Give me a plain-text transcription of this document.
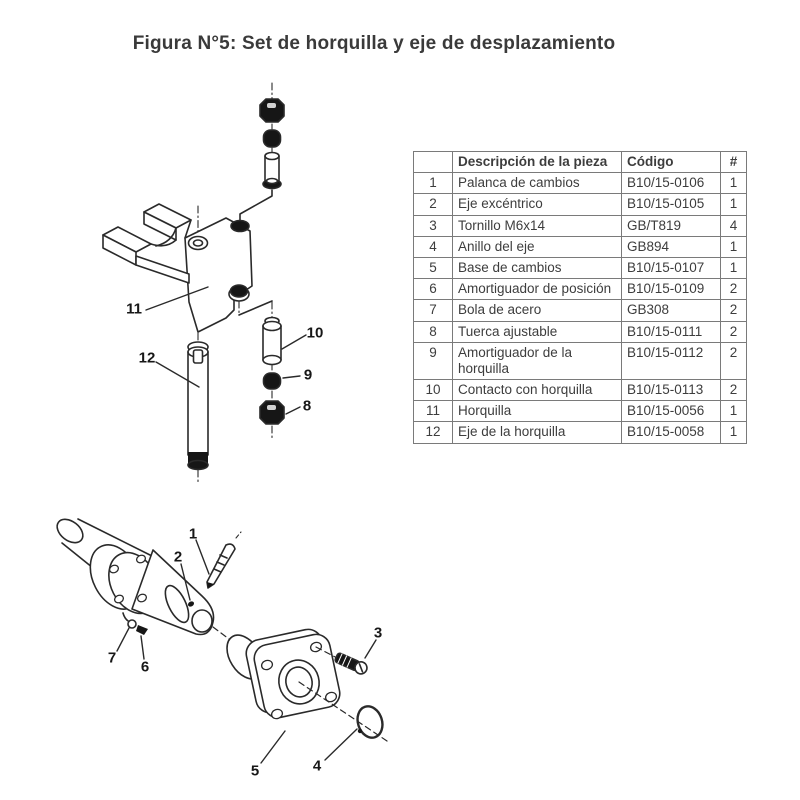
Figura N°5: Set de horquilla y eje de desplazamiento
11
12
10
9
8
	Descripción de la pieza	Código	#
1	Palanca de cambios	B10/15-0106	1
2	Eje excéntrico	B10/15-0105	1
3	Tornillo M6x14	GB/T819	4
4	Anillo del eje	GB894	1
5	Base de cambios	B10/15-0107	1
6	Amortiguador de posición	B10/15-0109	2
7	Bola de acero	GB308	2
8	Tuerca ajustable	B10/15-0111	2
9	Amortiguador de la horquilla	B10/15-0112	2
10	Contacto con horquilla	B10/15-0113	2
11	Horquilla	B10/15-0056	1
12	Eje de la horquilla	B10/15-0058	1
1
2
3
4
5
6
7
